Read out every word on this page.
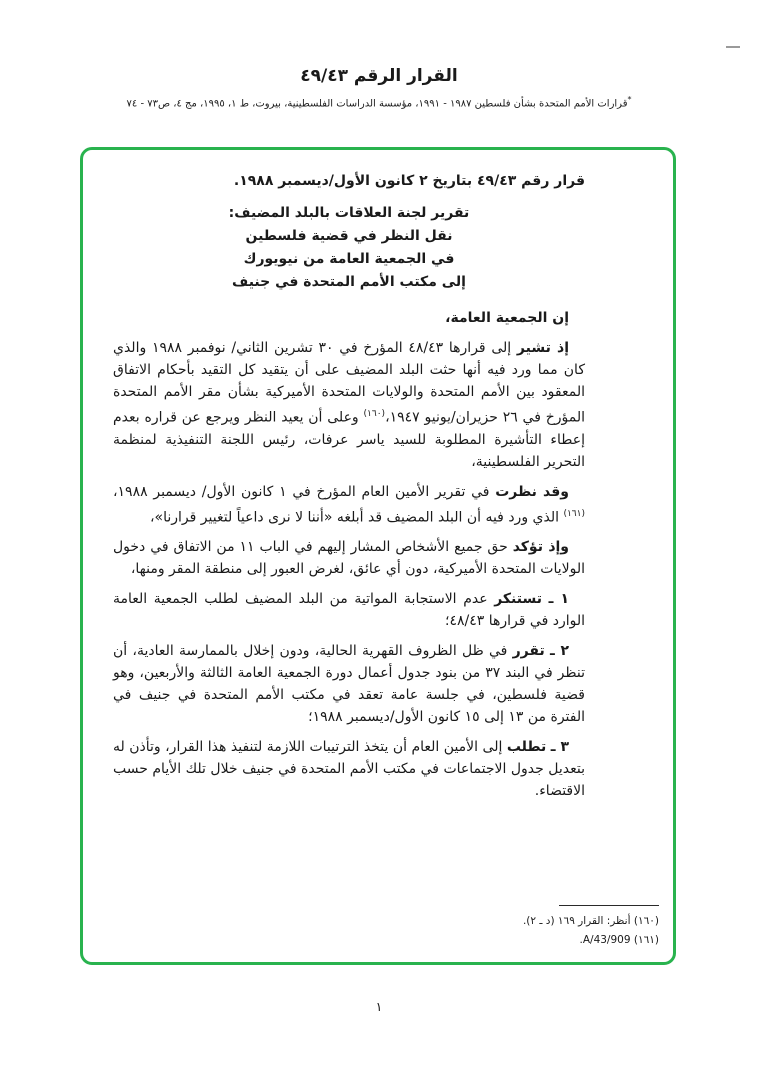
القرار الرقم ٤٩/٤٣
*قرارات الأمم المتحدة بشأن فلسطين ١٩٨٧ - ١٩٩١، مؤسسة الدراسات الفلسطينية، بيروت، ط ١، ١٩٩٥، مج ٤، ص٧٣ - ٧٤

قرار رقم ٤٩/٤٣ بتاريخ ٢ كانون الأول/ديسمبر ١٩٨٨.

تقرير لجنة العلاقات بالبلد المضيف:
نقل النظر في قضية فلسطين
في الجمعية العامة من نيويورك
إلى مكتب الأمم المتحدة في جنيف

إن الجمعية العامة،

إذ تشير إلى قرارها ٤٨/٤٣ المؤرخ في ٣٠ تشرين الثاني/ نوفمبر ١٩٨٨ والذي كان مما ورد فيه أنها حثت البلد المضيف على أن يتقيد كل التقيد بأحكام الاتفاق المعقود بين الأمم المتحدة والولايات المتحدة الأميركية بشأن مقر الأمم المتحدة المؤرخ في ٢٦ حزيران/يونيو ١٩٤٧،$^{(١٦٠)}$ وعلى أن يعيد النظر ويرجع عن قراره بعدم إعطاء التأشيرة المطلوبة للسيد ياسر عرفات، رئيس اللجنة التنفيذية لمنظمة التحرير الفلسطينية،

وقد نظرت في تقرير الأمين العام المؤرخ في ١ كانون الأول/ ديسمبر ١٩٨٨،$^{(١٦١)}$ الذي ورد فيه أن البلد المضيف قد أبلغه «أننا لا نرى داعياً لتغيير قرارنا»،

وإذ تؤكد حق جميع الأشخاص المشار إليهم في الباب ١١ من الاتفاق في دخول الولايات المتحدة الأميركية، دون أي عائق، لغرض العبور إلى منطقة المقر ومنها،

١ ـ تستنكر عدم الاستجابة المواتية من البلد المضيف لطلب الجمعية العامة الوارد في قرارها ٤٨/٤٣؛

٢ ـ تقرر في ظل الظروف القهرية الحالية، ودون إخلال بالممارسة العادية، أن تنظر في البند ٣٧ من بنود جدول أعمال دورة الجمعية العامة الثالثة والأربعين، وهو قضية فلسطين، في جلسة عامة تعقد في مكتب الأمم المتحدة في جنيف في الفترة من ١٣ إلى ١٥ كانون الأول/ديسمبر ١٩٨٨؛

٣ ـ تطلب إلى الأمين العام أن يتخذ الترتيبات اللازمة لتنفيذ هذا القرار، وتأذن له بتعديل جدول الاجتماعات في مكتب الأمم المتحدة في جنيف خلال تلك الأيام حسب الاقتضاء.

(١٦٠) أنظر: القرار ١٦٩ (د ـ ٢).
(١٦١) A/43/909.
١
